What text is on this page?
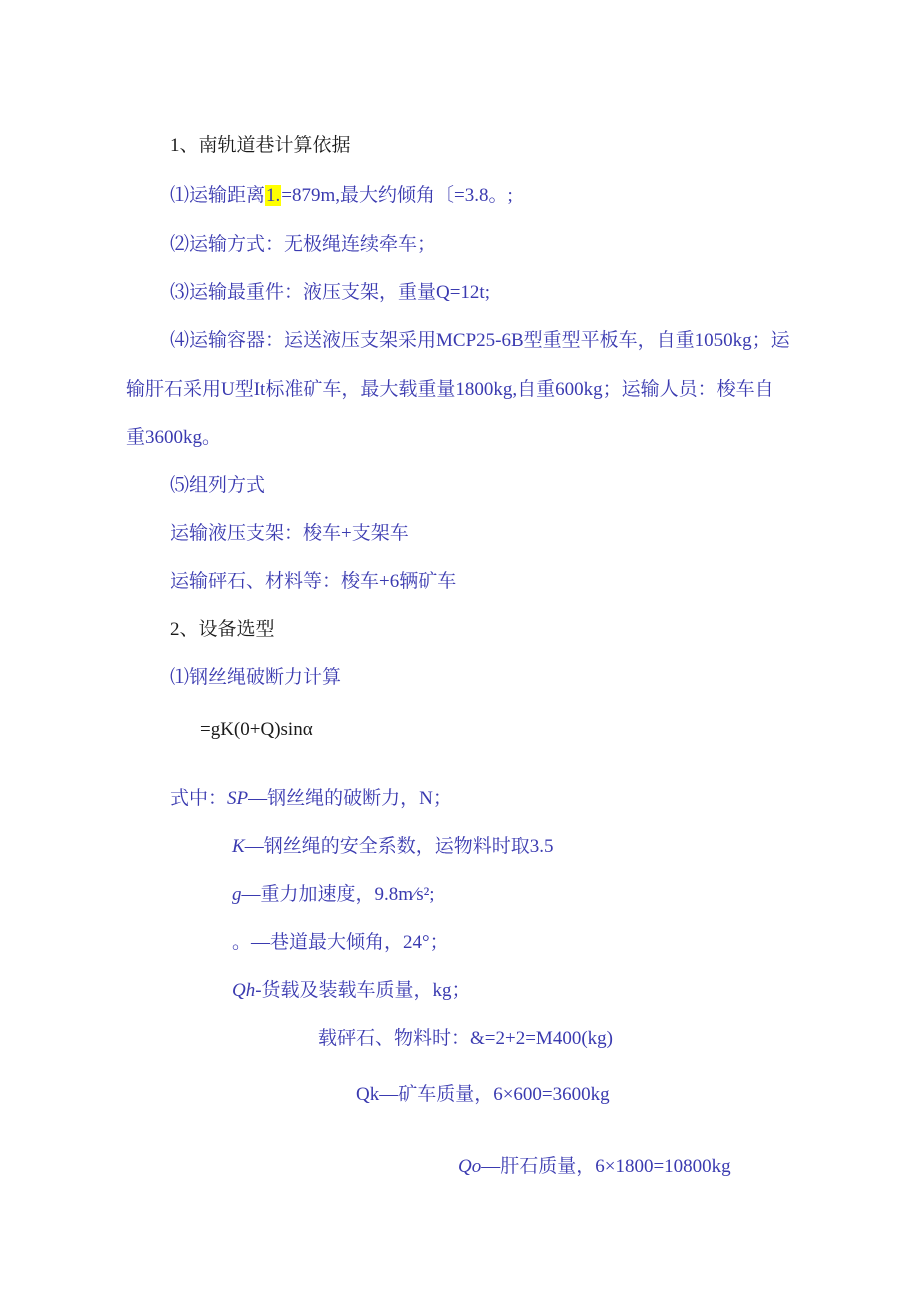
1、南轨道巷计算依据
⑴运输距离1.=879m,最大约倾角〔=3.8。;
⑵运输方式：无极绳连续牵车；
⑶运输最重件：液压支架，重量Q=12t;
⑷运输容器：运送液压支架采用MCP25-6B型重型平板车，自重1050kg；运
输肝石采用U型It标准矿车，最大载重量1800kg,自重600kg；运输人员：梭车自
重3600kg。
⑸组列方式
运输液压支架：梭车+支架车
运输砰石、材料等：梭车+6辆矿车
2、设备选型
⑴钢丝绳破断力计算
=gK(0+Q)sinα
式中：SP—钢丝绳的破断力，N；
K—钢丝绳的安全系数，运物料时取3.5
g—重力加速度，9.8m⁄s²;
。—巷道最大倾角，24°；
Qh-货载及装载车质量，kg；
载砰石、物料时：&=2+2=M400(kg)
Qk—矿车质量，6×600=3600kg
Qo—肝石质量，6×1800=10800kg
